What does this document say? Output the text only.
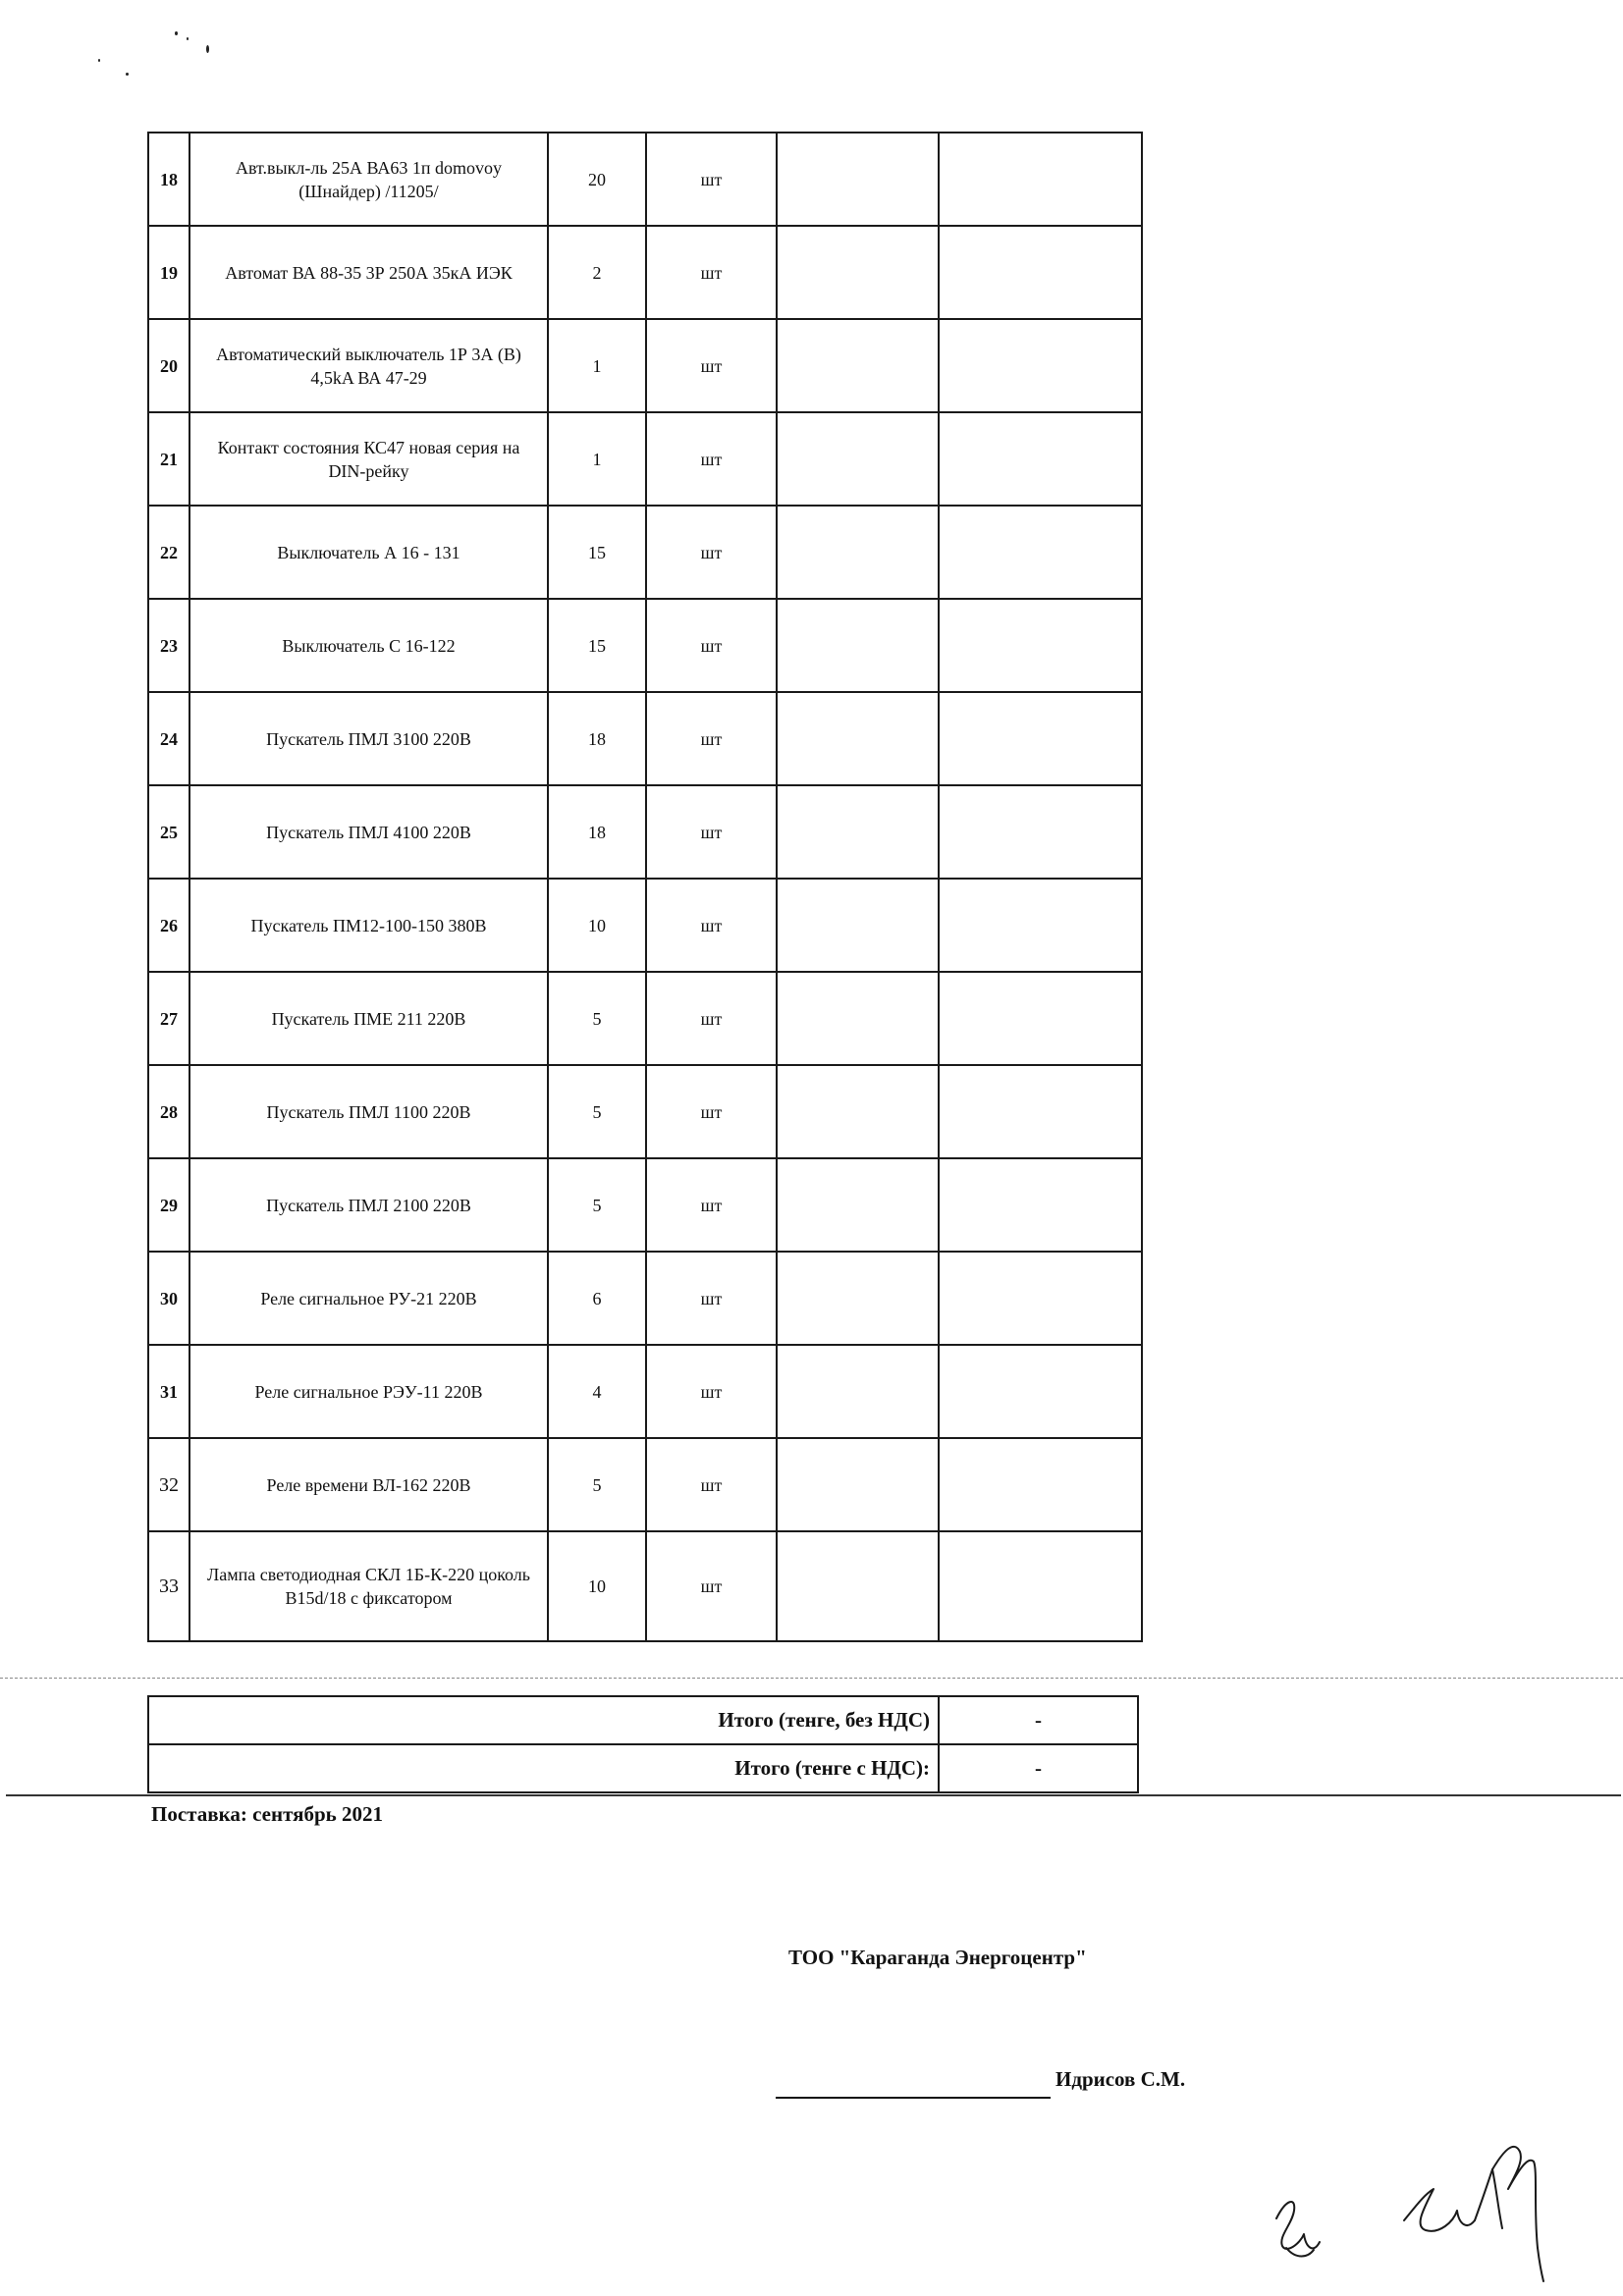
18	Авт.выкл-ль 25А ВА63 1п domovoy (Шнайдер) /11205/	20	шт		
19	Автомат ВА 88-35 3Р 250А 35кА ИЭК	2	шт		
20	Автоматический выключатель 1Р 3А (В) 4,5kA ВА 47-29	1	шт		
21	Контакт состояния КС47 новая серия на DIN-рейку	1	шт		
22	Выключатель А 16 - 131	15	шт		
23	Выключатель С 16-122	15	шт		
24	Пускатель ПМЛ 3100 220В	18	шт		
25	Пускатель ПМЛ 4100 220В	18	шт		
26	Пускатель ПМ12-100-150 380В	10	шт		
27	Пускатель ПМЕ 211 220В	5	шт		
28	Пускатель ПМЛ 1100 220В	5	шт		
29	Пускатель ПМЛ 2100 220В	5	шт		
30	Реле сигнальное РУ-21 220В	6	шт		
31	Реле сигнальное РЭУ-11 220В	4	шт		
32	Реле времени ВЛ-162 220В	5	шт		
33	Лампа светодиодная СКЛ 1Б-К-220 цоколь B15d/18 с фиксатором	10	шт		
Итого (тенге, без НДС)	-
Итого (тенге с НДС):	-
Поставка: сентябрь 2021
ТОО "Караганда Энергоцентр"
Идрисов С.М.
